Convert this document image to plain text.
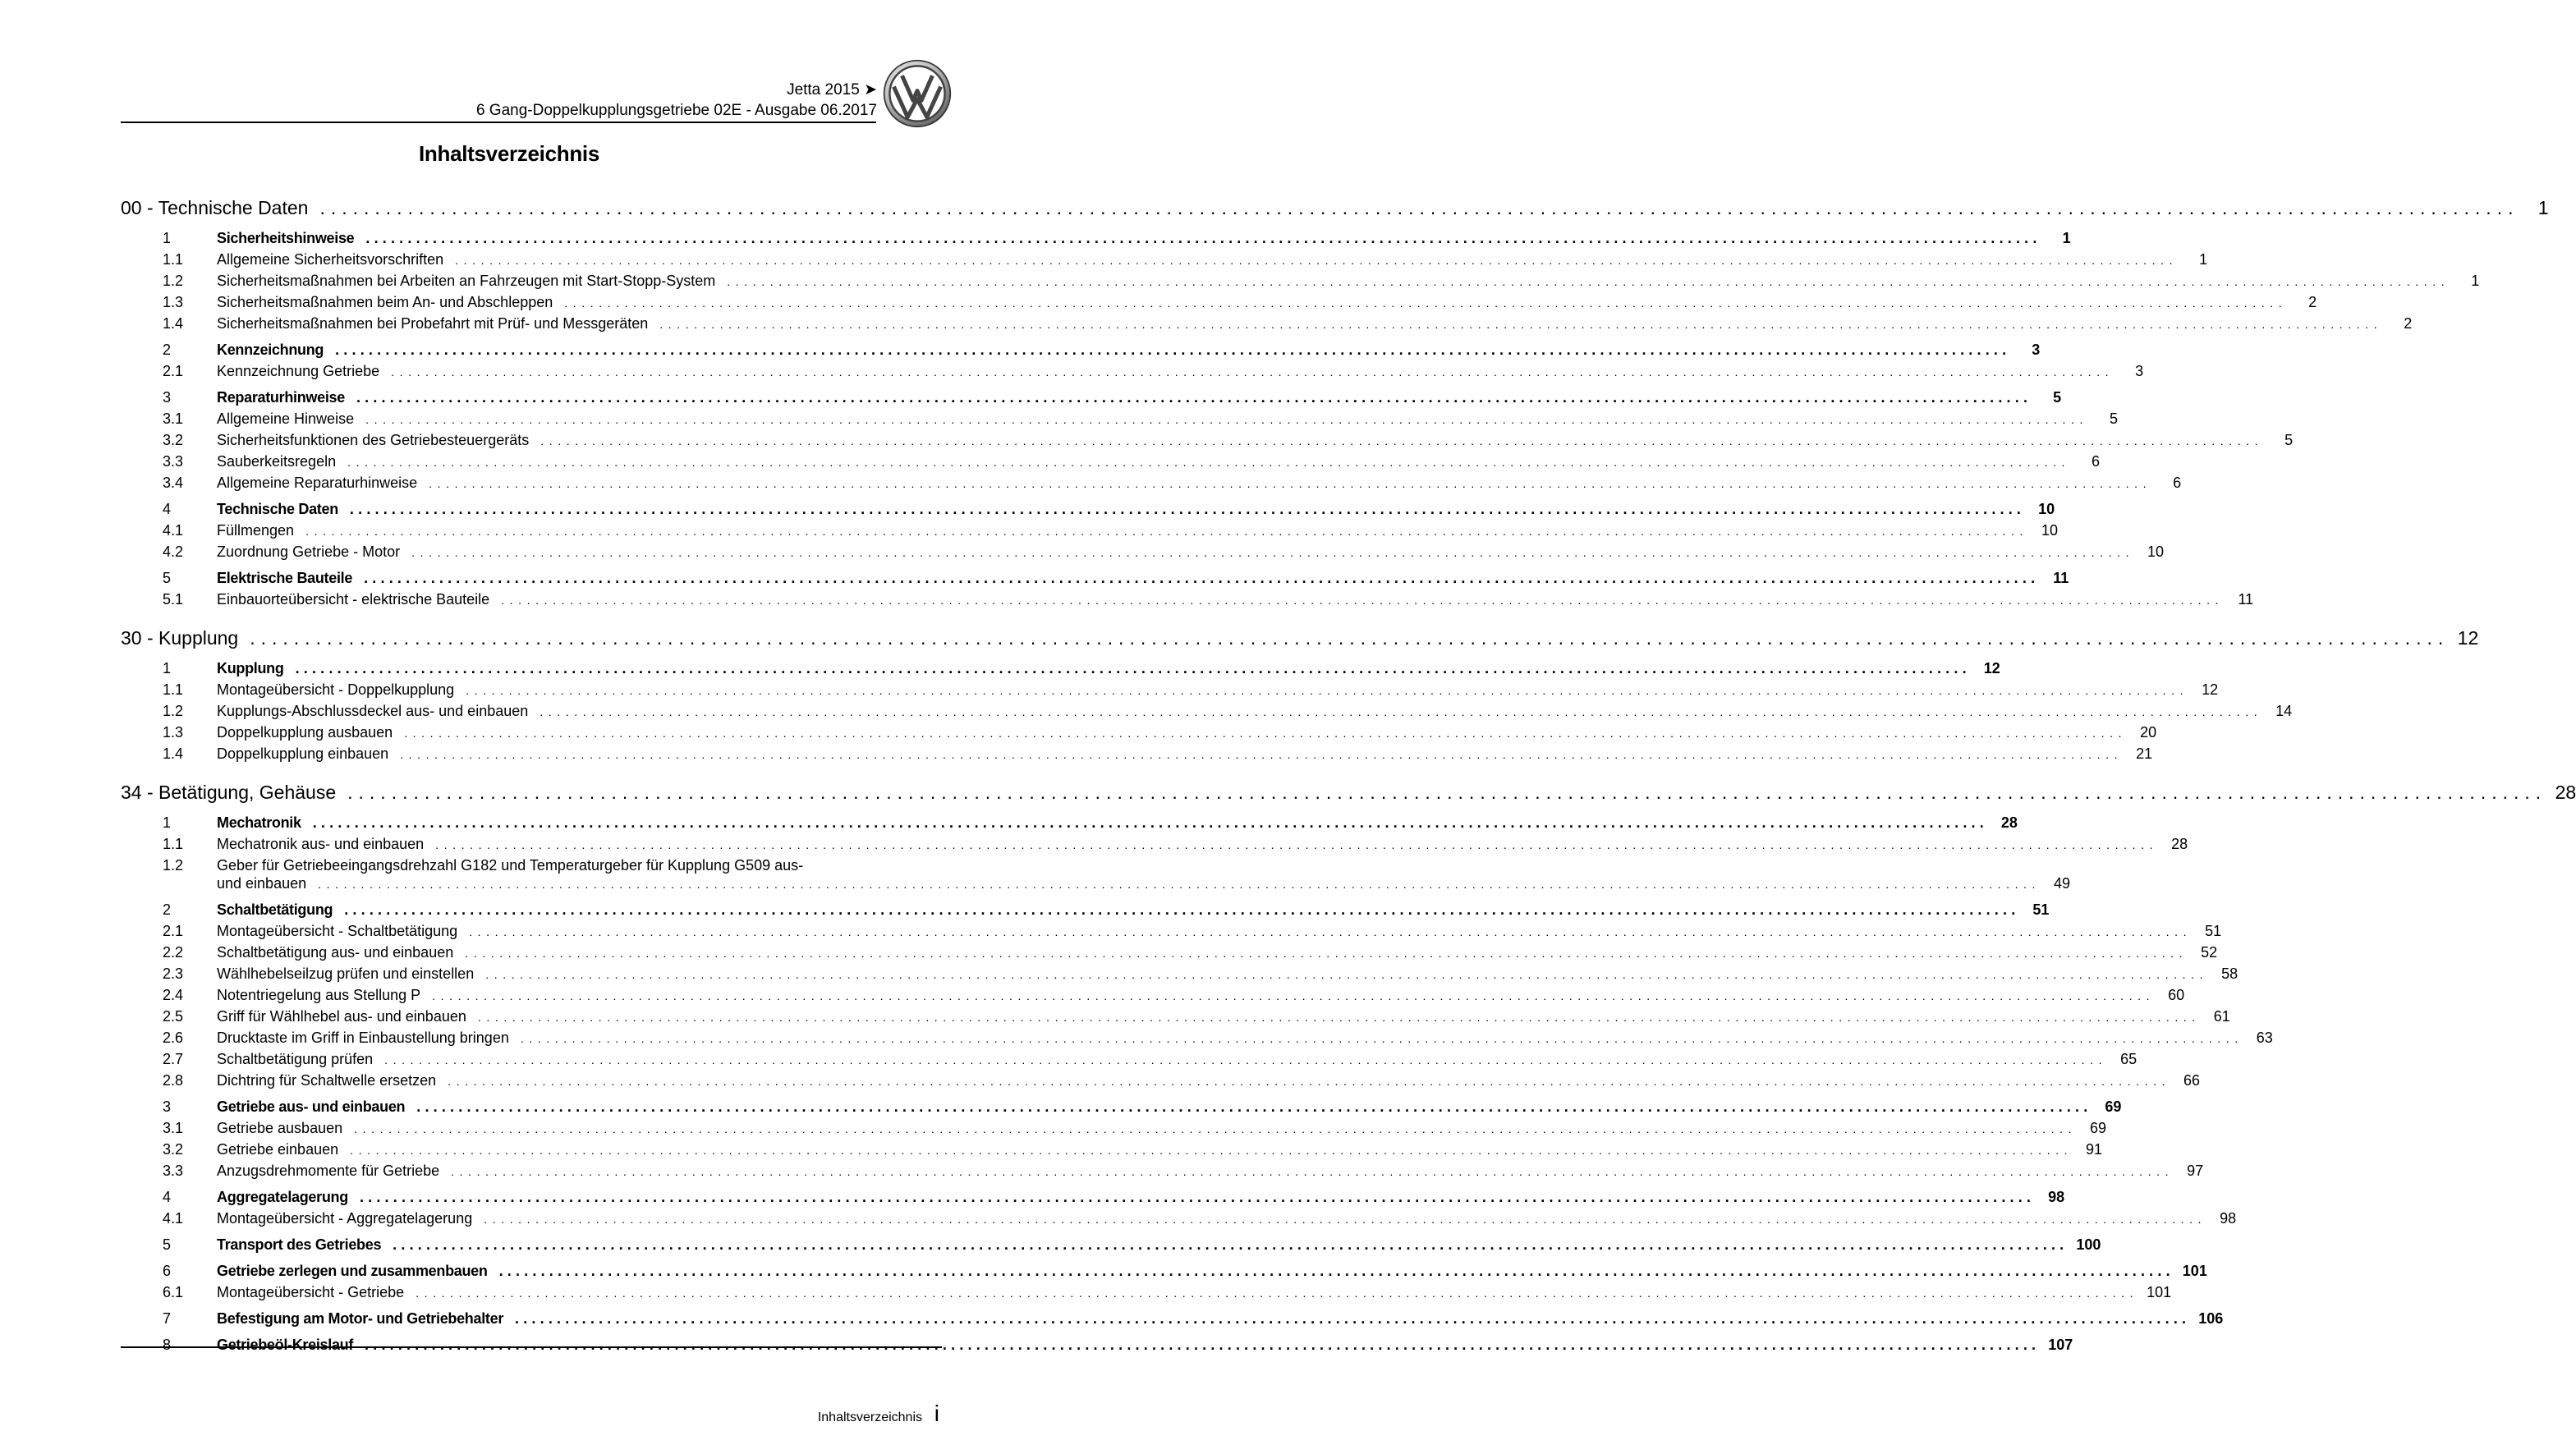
Jetta 2015 ➤
6 Gang-Doppelkupplungsgetriebe 02E - Ausgabe 06.2017
Inhaltsverzeichnis
00 - Technische Daten ........................................................................................................................................................................................................	1
1	Sicherheitshinweise ........................................................................................................................................................................................................	1
1.1	Allgemeine Sicherheitsvorschriften ........................................................................................................................................................................................................	1
1.2	Sicherheitsmaßnahmen bei Arbeiten an Fahrzeugen mit Start-Stopp-System ........................................................................................................................................................................................................	1
1.3	Sicherheitsmaßnahmen beim An- und Abschleppen ........................................................................................................................................................................................................	2
1.4	Sicherheitsmaßnahmen bei Probefahrt mit Prüf- und Messgeräten ........................................................................................................................................................................................................	2
2	Kennzeichnung ........................................................................................................................................................................................................	3
2.1	Kennzeichnung Getriebe ........................................................................................................................................................................................................	3
3	Reparaturhinweise ........................................................................................................................................................................................................	5
3.1	Allgemeine Hinweise ........................................................................................................................................................................................................	5
3.2	Sicherheitsfunktionen des Getriebesteuergeräts ........................................................................................................................................................................................................	5
3.3	Sauberkeitsregeln ........................................................................................................................................................................................................	6
3.4	Allgemeine Reparaturhinweise ........................................................................................................................................................................................................	6
4	Technische Daten ........................................................................................................................................................................................................ 10
4.1	Füllmengen ........................................................................................................................................................................................................ 10
4.2	Zuordnung Getriebe - Motor ........................................................................................................................................................................................................ 10
5	Elektrische Bauteile ........................................................................................................................................................................................................ 11
5.1	Einbauorteübersicht - elektrische Bauteile ........................................................................................................................................................................................................ 11
30 - Kupplung ........................................................................................................................................................................................................ 12
1	Kupplung ........................................................................................................................................................................................................ 12
1.1	Montageübersicht - Doppelkupplung ........................................................................................................................................................................................................ 12
1.2	Kupplungs-Abschlussdeckel aus- und einbauen ........................................................................................................................................................................................................ 14
1.3	Doppelkupplung ausbauen ........................................................................................................................................................................................................ 20
1.4	Doppelkupplung einbauen ........................................................................................................................................................................................................ 21
34 - Betätigung, Gehäuse ........................................................................................................................................................................................................ 28
1	Mechatronik ........................................................................................................................................................................................................ 28
1.1	Mechatronik aus- und einbauen ........................................................................................................................................................................................................ 28
1.2	Geber für Getriebeeingangsdrehzahl G182 und Temperaturgeber für Kupplung G509 aus-
und einbauen ........................................................................................................................................................................................................ 49
2	Schaltbetätigung ........................................................................................................................................................................................................ 51
2.1	Montageübersicht - Schaltbetätigung ........................................................................................................................................................................................................ 51
2.2	Schaltbetätigung aus- und einbauen ........................................................................................................................................................................................................ 52
2.3	Wählhebelseilzug prüfen und einstellen ........................................................................................................................................................................................................ 58
2.4	Notentriegelung aus Stellung P ........................................................................................................................................................................................................ 60
2.5	Griff für Wählhebel aus- und einbauen ........................................................................................................................................................................................................ 61
2.6	Drucktaste im Griff in Einbaustellung bringen ........................................................................................................................................................................................................ 63
2.7	Schaltbetätigung prüfen ........................................................................................................................................................................................................ 65
2.8	Dichtring für Schaltwelle ersetzen ........................................................................................................................................................................................................ 66
3	Getriebe aus- und einbauen ........................................................................................................................................................................................................ 69
3.1	Getriebe ausbauen ........................................................................................................................................................................................................ 69
3.2	Getriebe einbauen ........................................................................................................................................................................................................ 91
3.3	Anzugsdrehmomente für Getriebe ........................................................................................................................................................................................................ 97
4	Aggregatelagerung ........................................................................................................................................................................................................ 98
4.1	Montageübersicht - Aggregatelagerung ........................................................................................................................................................................................................ 98
5	Transport des Getriebes ........................................................................................................................................................................................................ 100
6	Getriebe zerlegen und zusammenbauen ........................................................................................................................................................................................................ 101
6.1	Montageübersicht - Getriebe ........................................................................................................................................................................................................ 101
7	Befestigung am Motor- und Getriebehalter ........................................................................................................................................................................................................ 106
8	Getriebeöl-Kreislauf ........................................................................................................................................................................................................ 107
Inhaltsverzeichnis i
